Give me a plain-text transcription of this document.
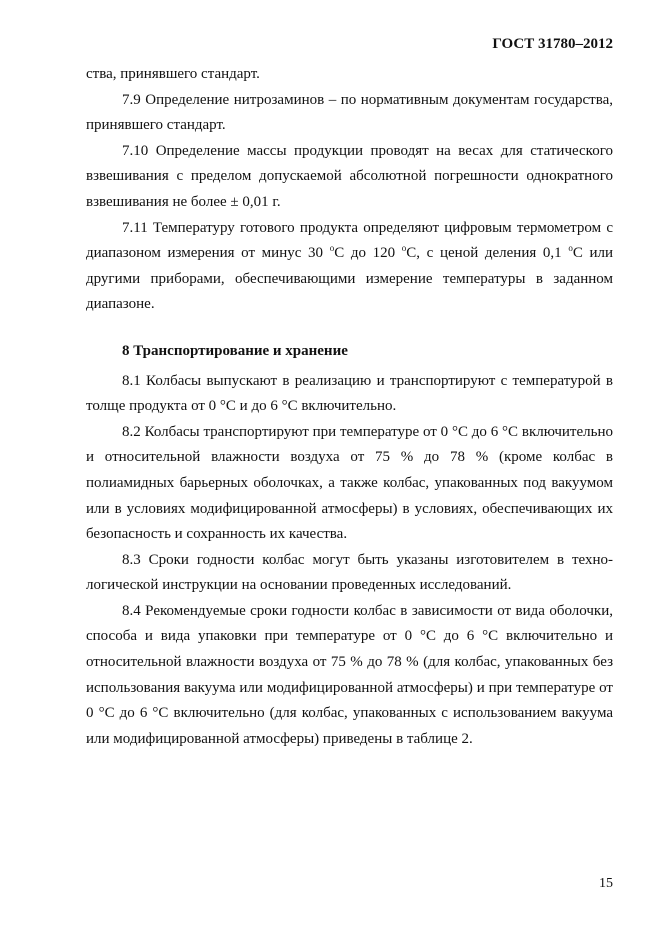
ГОСТ 31780–2012

ства, принявшего стандарт.

7.9 Определение нитрозаминов – по нормативным документам государства, принявшего стандарт.

7.10 Определение массы продукции проводят на весах для статического взвешивания с пределом допускаемой абсолютной погрешности однократного взвешивания не более ± 0,01 г.

7.11 Температуру готового продукта определяют цифровым термометром с диапазоном измерения от минус 30 $^о$С до 120 $^о$С, с ценой деления 0,1 $^о$С или другими приборами, обеспечивающими измерение температуры в заданном диапазоне.

8 Транспортирование и хранение

8.1 Колбасы выпускают в реализацию и транспортируют с температурой в толще продукта от 0 °С и до 6 °С включительно.

8.2 Колбасы транспортируют при температуре от 0 °С до 6 °С включительно и относительной влажности воздуха от 75 % до 78 % (кроме колбас в полиамидных барьерных оболочках, а также колбас, упакованных под вакуумом или в условиях модифицированной атмосферы) в условиях, обеспечивающих их безопасность и сохранность их качества.

8.3 Сроки годности колбас могут быть указаны изготовителем в технологической инструкции на основании проведенных исследований.

8.4 Рекомендуемые сроки годности колбас в зависимости от вида оболочки, способа и вида упаковки при температуре от 0 °С до 6 °С включительно и относительной влажности воздуха от 75 % до 78 % (для колбас, упакованных без использования вакуума или модифицированной атмосферы) и при температуре от 0 °С до 6 °С включительно (для колбас, упакованных с использованием вакуума или модифицированной атмосферы) приведены в таблице 2.

15
